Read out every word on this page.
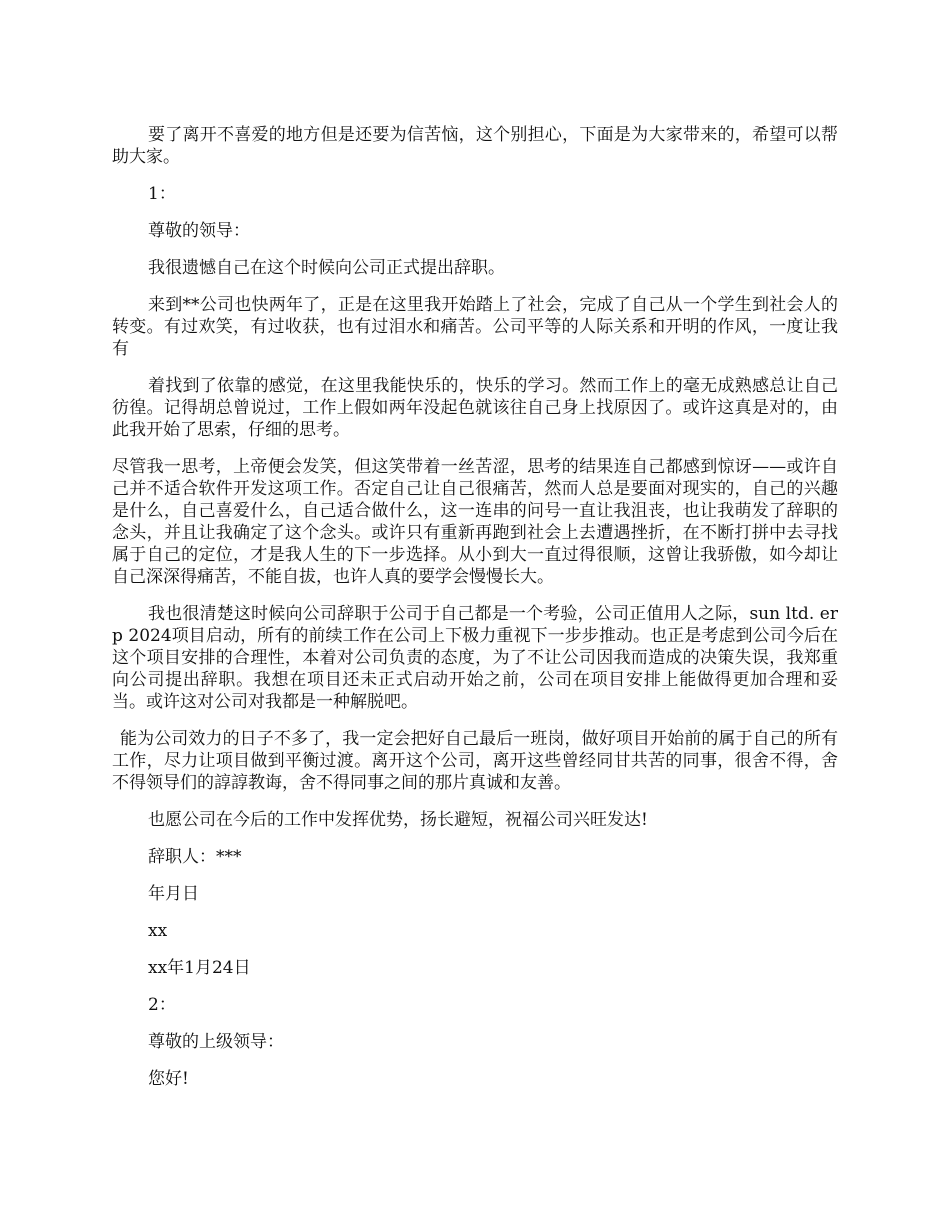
要了离开不喜爱的地方但是还要为信苦恼，这个别担心，下面是为大家带来的，希望可以帮助大家。

1：

尊敬的领导：

我很遗憾自己在这个时候向公司正式提出辞职。

来到**公司也快两年了，正是在这里我开始踏上了社会，完成了自己从一个学生到社会人的转变。有过欢笑，有过收获，也有过泪水和痛苦。公司平等的人际关系和开明的作风，一度让我有

着找到了依靠的感觉，在这里我能快乐的，快乐的学习。然而工作上的毫无成熟感总让自己彷徨。记得胡总曾说过，工作上假如两年没起色就该往自己身上找原因了。或许这真是对的，由此我开始了思索，仔细的思考。

尽管我一思考，上帝便会发笑，但这笑带着一丝苦涩，思考的结果连自己都感到惊讶——或许自己并不适合软件开发这项工作。否定自己让自己很痛苦，然而人总是要面对现实的，自己的兴趣是什么，自己喜爱什么，自己适合做什么，这一连串的问号一直让我沮丧，也让我萌发了辞职的念头，并且让我确定了这个念头。或许只有重新再跑到社会上去遭遇挫折，在不断打拼中去寻找属于自己的定位，才是我人生的下一步选择。从小到大一直过得很顺，这曾让我骄傲，如今却让自己深深得痛苦，不能自拔，也许人真的要学会慢慢长大。

我也很清楚这时候向公司辞职于公司于自己都是一个考验，公司正值用人之际，sun ltd. erp 2024项目启动，所有的前续工作在公司上下极力重视下一步步推动。也正是考虑到公司今后在这个项目安排的合理性，本着对公司负责的态度，为了不让公司因我而造成的决策失误，我郑重向公司提出辞职。我想在项目还未正式启动开始之前，公司在项目安排上能做得更加合理和妥当。或许这对公司对我都是一种解脱吧。

能为公司效力的日子不多了，我一定会把好自己最后一班岗，做好项目开始前的属于自己的所有工作，尽力让项目做到平衡过渡。离开这个公司，离开这些曾经同甘共苦的同事，很舍不得，舍不得领导们的諄諄教诲，舍不得同事之间的那片真诚和友善。

也愿公司在今后的工作中发挥优势，扬长避短，祝福公司兴旺发达!

辞职人：***

年月日

xx

xx年1月24日

2：

尊敬的上级领导：

您好!
